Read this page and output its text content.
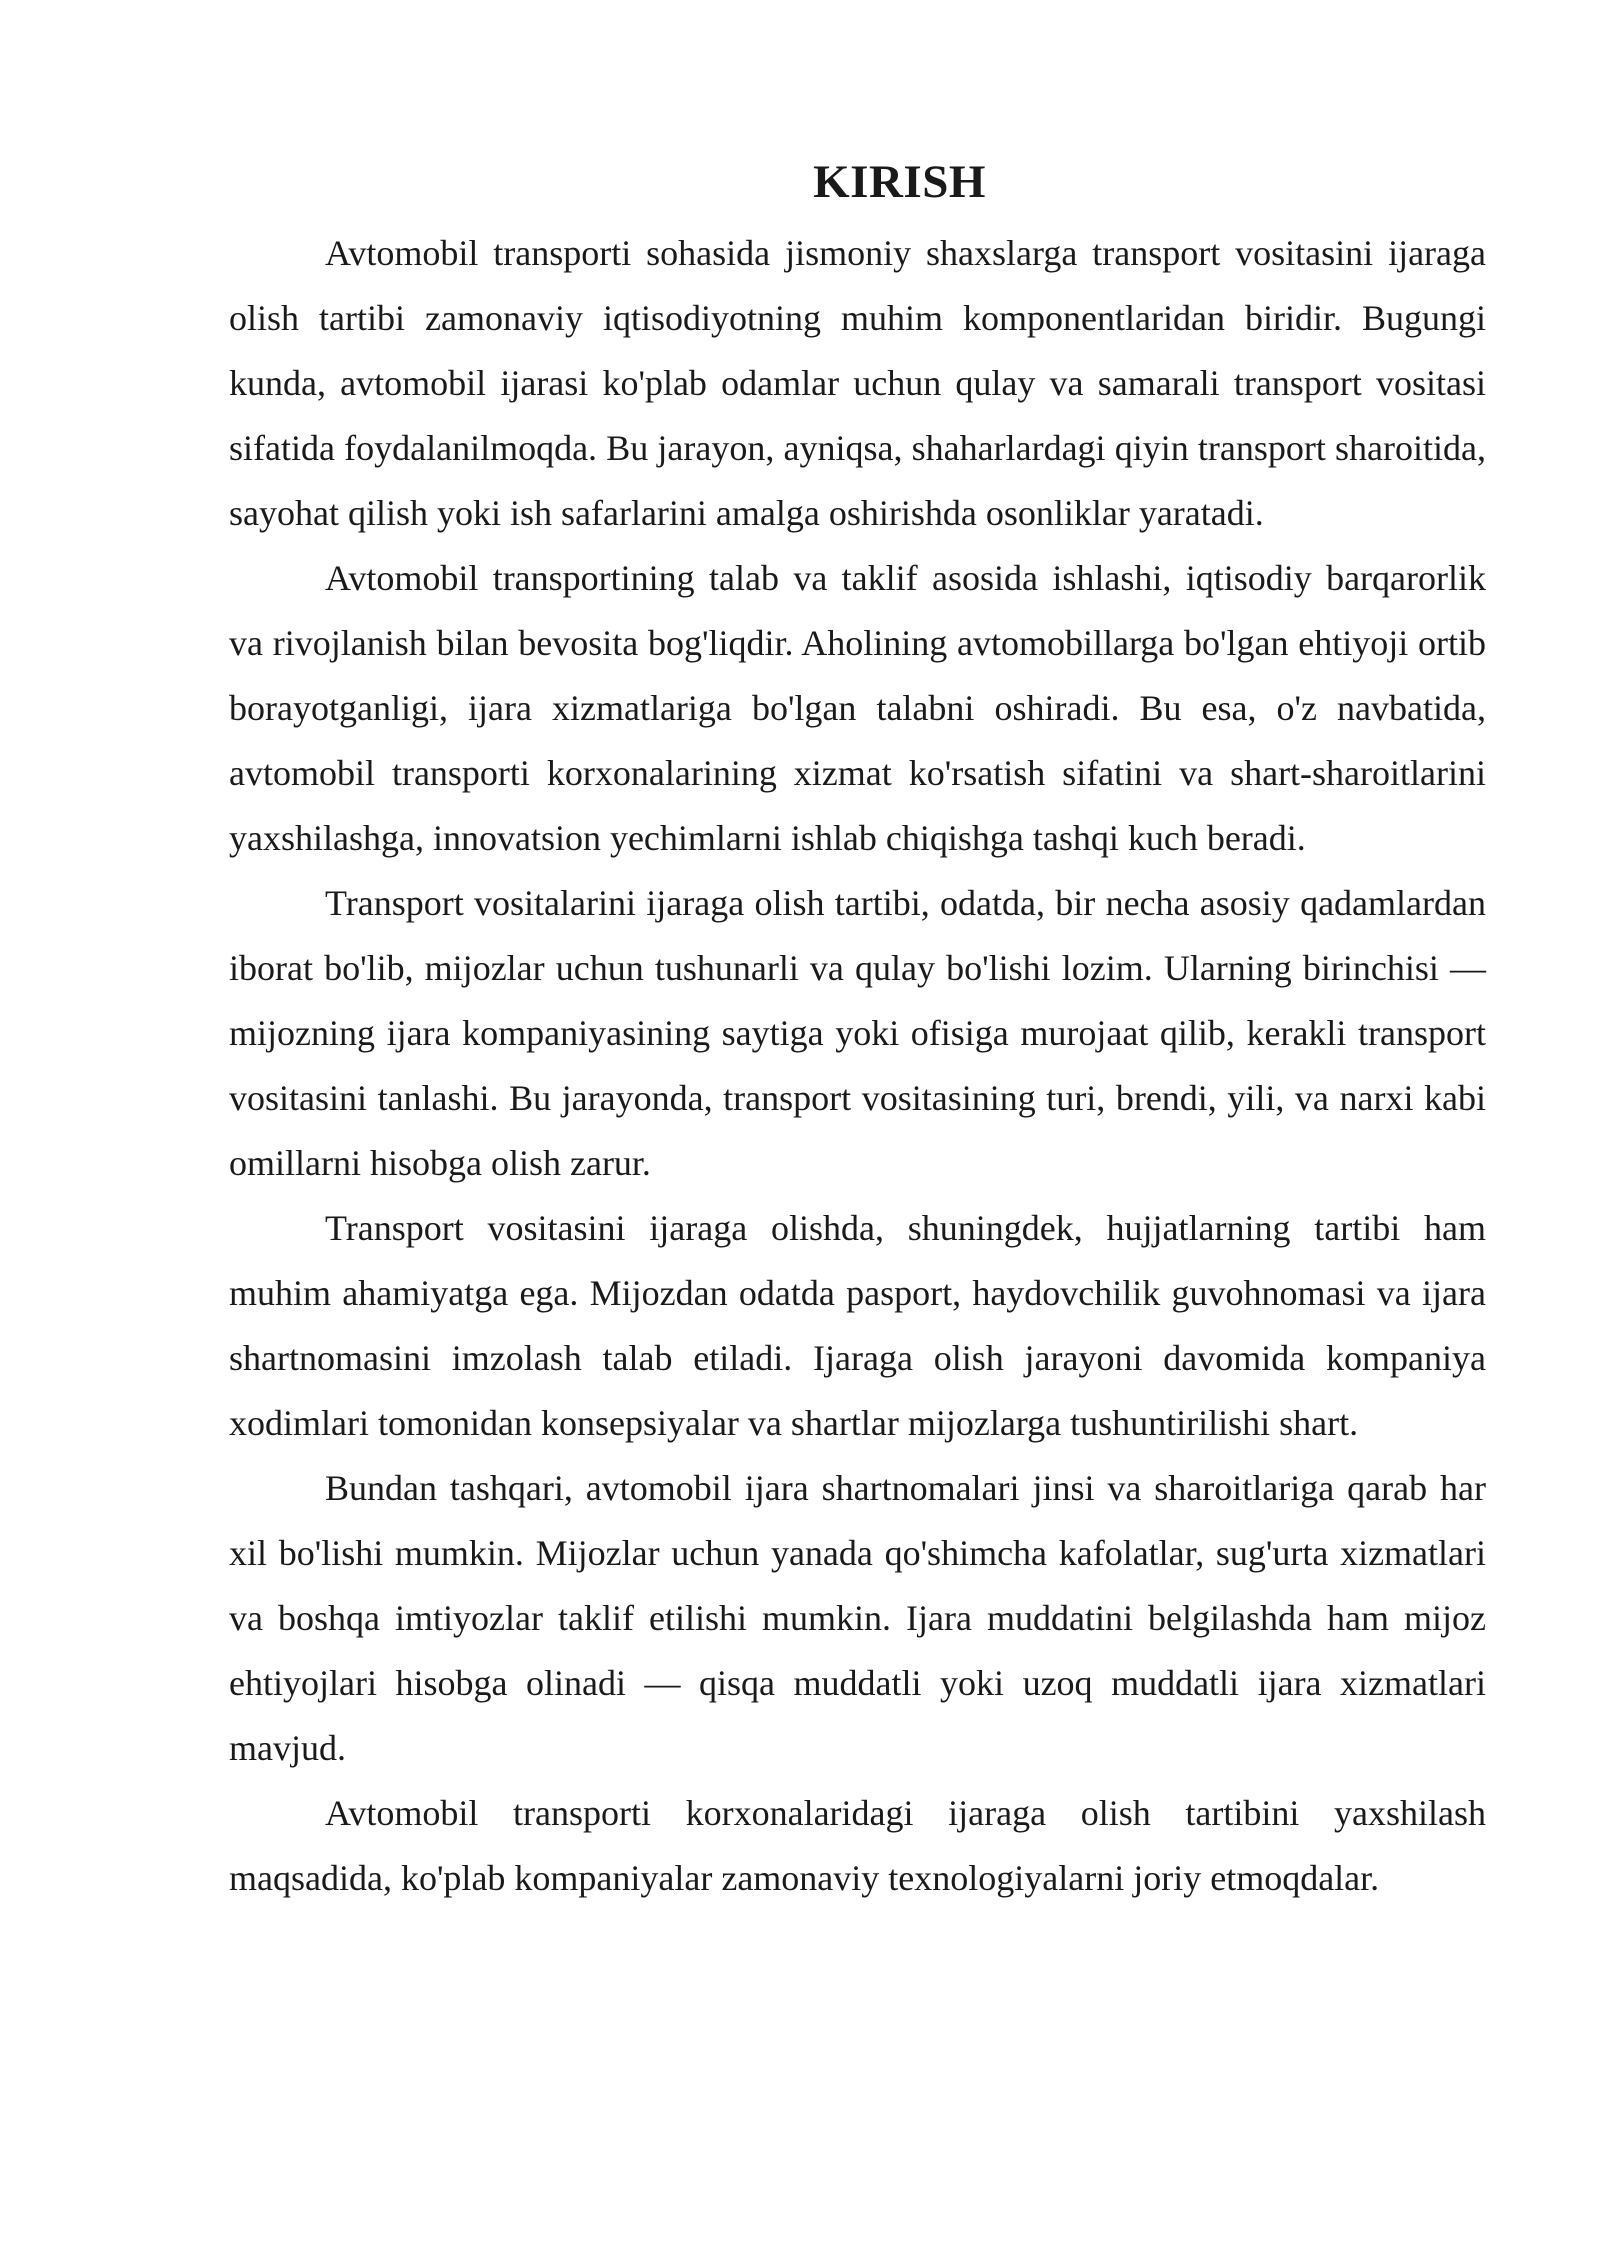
KIRISH

Avtomobil transporti sohasida jismoniy shaxslarga transport vositasini ijaraga olish tartibi zamonaviy iqtisodiyotning muhim komponentlaridan biridir. Bugungi kunda, avtomobil ijarasi ko'plab odamlar uchun qulay va samarali transport vositasi sifatida foydalanilmoqda. Bu jarayon, ayniqsa, shaharlardagi qiyin transport sharoitida, sayohat qilish yoki ish safarlarini amalga oshirishda osonliklar yaratadi.

Avtomobil transportining talab va taklif asosida ishlashi, iqtisodiy barqarorlik va rivojlanish bilan bevosita bog'liqdir. Aholining avtomobillarga bo'lgan ehtiyoji ortib borayotganligi, ijara xizmatlariga bo'lgan talabni oshiradi. Bu esa, o'z navbatida, avtomobil transporti korxonalarining xizmat ko'rsatish sifatini va shart-sharoitlarini yaxshilashga, innovatsion yechimlarni ishlab chiqishga tashqi kuch beradi.

Transport vositalarini ijaraga olish tartibi, odatda, bir necha asosiy qadamlardan iborat bo'lib, mijozlar uchun tushunarli va qulay bo'lishi lozim. Ularning birinchisi — mijozning ijara kompaniyasining saytiga yoki ofisiga murojaat qilib, kerakli transport vositasini tanlashi. Bu jarayonda, transport vositasining turi, brendi, yili, va narxi kabi omillarni hisobga olish zarur.

Transport vositasini ijaraga olishda, shuningdek, hujjatlarning tartibi ham muhim ahamiyatga ega. Mijozdan odatda pasport, haydovchilik guvohnomasi va ijara shartnomasini imzolash talab etiladi. Ijaraga olish jarayoni davomida kompaniya xodimlari tomonidan konsepsiyalar va shartlar mijozlarga tushuntirilishi shart.

Bundan tashqari, avtomobil ijara shartnomalari jinsi va sharoitlariga qarab har xil bo'lishi mumkin. Mijozlar uchun yanada qo'shimcha kafolatlar, sug'urta xizmatlari va boshqa imtiyozlar taklif etilishi mumkin. Ijara muddatini belgilashda ham mijoz ehtiyojlari hisobga olinadi — qisqa muddatli yoki uzoq muddatli ijara xizmatlari mavjud.

Avtomobil transporti korxonalaridagi ijaraga olish tartibini yaxshilash maqsadida, ko'plab kompaniyalar zamonaviy texnologiyalarni joriy etmoqdalar.
